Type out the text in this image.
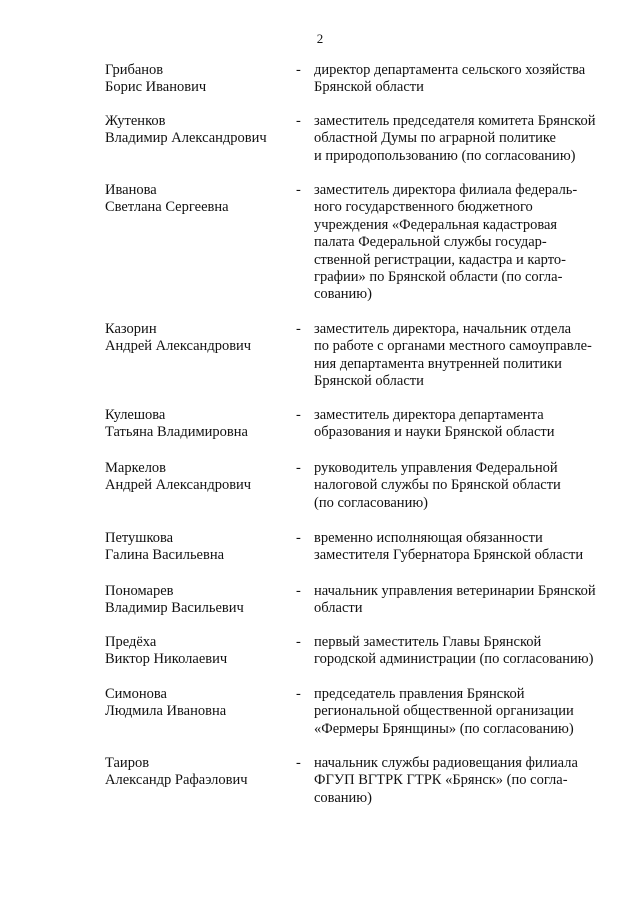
2
Грибанов
Борис Иванович
- директор департамента сельского хозяйства
Брянской области
Жутенков
Владимир Александрович
- заместитель председателя комитета Брянской
областной Думы по аграрной политике
и природопользованию (по согласованию)
Иванова
Светлана Сергеевна
- заместитель директора филиала федераль-
ного государственного бюджетного
учреждения «Федеральная кадастровая
палата Федеральной службы государ-
ственной регистрации, кадастра и карто-
графии» по Брянской области (по согла-
сованию)
Казорин
Андрей Александрович
- заместитель директора, начальник отдела
по работе с органами местного самоуправле-
ния департамента внутренней политики
Брянской области
Кулешова
Татьяна Владимировна
- заместитель директора департамента
образования и науки Брянской области
Маркелов
Андрей Александрович
- руководитель управления Федеральной
налоговой службы по Брянской области
(по согласованию)
Петушкова
Галина Васильевна
- временно исполняющая обязанности
заместителя Губернатора Брянской области
Пономарев
Владимир Васильевич
- начальник управления ветеринарии Брянской
области
Предёха
Виктор Николаевич
- первый заместитель Главы Брянской
городской администрации (по согласованию)
Симонова
Людмила Ивановна
- председатель правления Брянской
региональной общественной организации
«Фермеры Брянщины» (по согласованию)
Таиров
Александр Рафаэлович
- начальник службы радиовещания филиала
ФГУП ВГТРК ГТРК «Брянск» (по согла-
сованию)
